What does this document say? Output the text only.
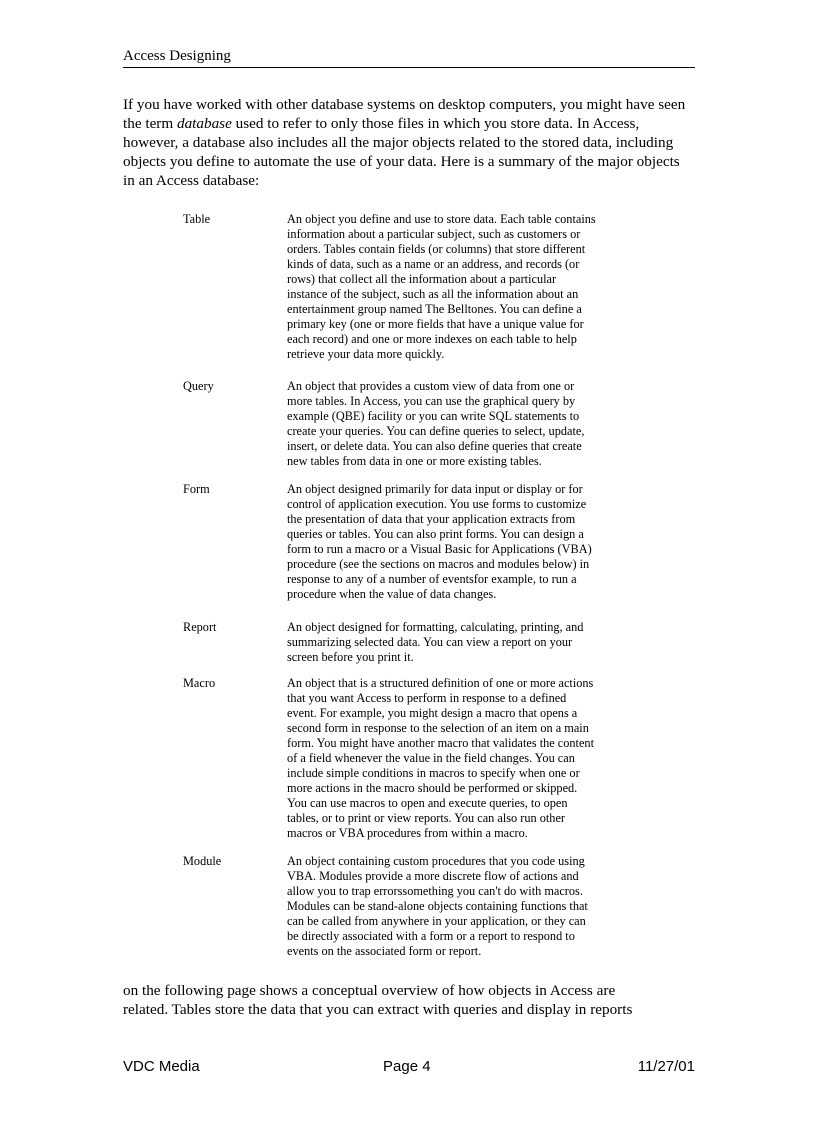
Access Designing
If you have worked with other database systems on desktop computers, you might have seen the term database used to refer to only those files in which you store data. In Access, however, a database also includes all the major objects related to the stored data, including objects you define to automate the use of your data. Here is a summary of the major objects in an Access database:
Table	An object you define and use to store data. Each table contains
information about a particular subject, such as customers or
orders. Tables contain fields (or columns) that store different
kinds of data, such as a name or an address, and records (or
rows) that collect all the information about a particular
instance of the subject, such as all the information about an
entertainment group named The Belltones. You can define a
primary key (one or more fields that have a unique value for
each record) and one or more indexes on each table to help
retrieve your data more quickly.
Query	An object that provides a custom view of data from one or
more tables. In Access, you can use the graphical query by
example (QBE) facility or you can write SQL statements to
create your queries. You can define queries to select, update,
insert, or delete data. You can also define queries that create
new tables from data in one or more existing tables.
Form	An object designed primarily for data input or display or for
control of application execution. You use forms to customize
the presentation of data that your application extracts from
queries or tables. You can also print forms. You can design a
form to run a macro or a Visual Basic for Applications (VBA)
procedure (see the sections on macros and modules below) in
response to any of a number of eventsfor example, to run a
procedure when the value of data changes.
Report	An object designed for formatting, calculating, printing, and
summarizing selected data. You can view a report on your
screen before you print it.
Macro	An object that is a structured definition of one or more actions
that you want Access to perform in response to a defined
event. For example, you might design a macro that opens a
second form in response to the selection of an item on a main
form. You might have another macro that validates the content
of a field whenever the value in the field changes. You can
include simple conditions in macros to specify when one or
more actions in the macro should be performed or skipped.
You can use macros to open and execute queries, to open
tables, or to print or view reports. You can also run other
macros or VBA procedures from within a macro.
Module	An object containing custom procedures that you code using
VBA. Modules provide a more discrete flow of actions and
allow you to trap errorssomething you can't do with macros.
Modules can be stand-alone objects containing functions that
can be called from anywhere in your application, or they can
be directly associated with a form or a report to respond to
events on the associated form or report.
on the following page shows a conceptual overview of how objects in Access are
related. Tables store the data that you can extract with queries and display in reports
VDC Media	Page 4	11/27/01
